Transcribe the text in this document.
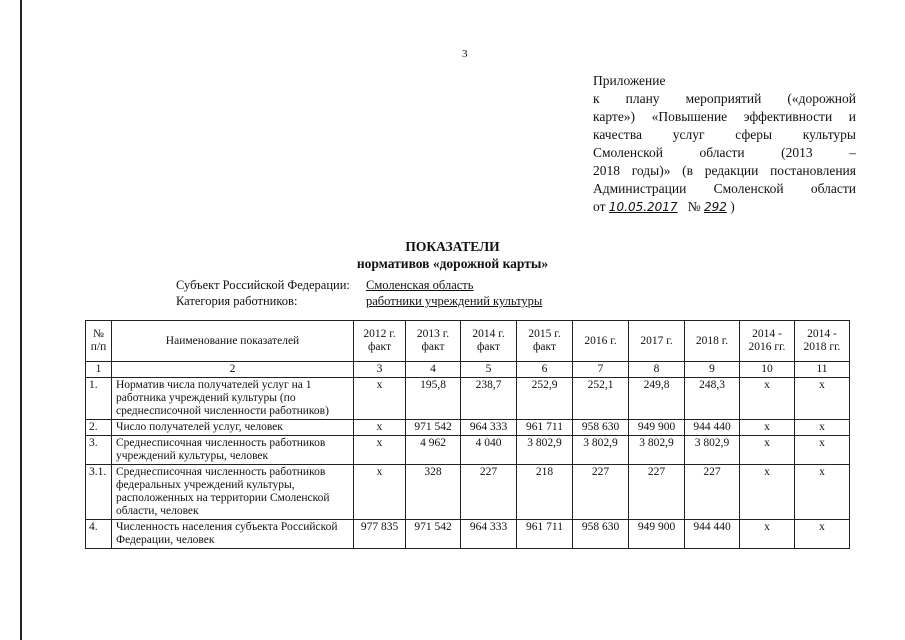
3
Приложение
к плану мероприятий («дорожной
карте») «Повышение эффективности и
качества услуг сферы культуры
Смоленской области (2013 –
2018 годы)» (в редакции постановления
Администрации Смоленской области
от 10.05.2017 № 292 )
ПОКАЗАТЕЛИ
нормативов «дорожной карты»
Субъект Российской Федерации: Смоленская область
Категория работников:	работники учреждений культуры
№ п/п	Наименование показателей	2012 г. факт	2013 г. факт	2014 г. факт	2015 г. факт	2016 г.	2017 г.	2018 г.	2014 - 2016 гг.	2014 - 2018 гг.
1	2	3	4	5	6	7	8	9	10	11
1.	Норматив числа получателей услуг на 1 работника учреждений культуры (по среднесписочной численности работников)	х	195,8	238,7	252,9	252,1	249,8	248,3	х	х
2.	Число получателей услуг, человек	х	971 542	964 333	961 711	958 630	949 900	944 440	х	х
3.	Среднесписочная численность работников учреждений культуры, человек	х	4 962	4 040	3 802,9	3 802,9	3 802,9	3 802,9	х	х
3.1.	Среднесписочная численность работников федеральных учреждений культуры, расположенных на территории Смоленской области, человек	х	328	227	218	227	227	227	х	х
4.	Численность населения субъекта Российской Федерации, человек	977 835	971 542	964 333	961 711	958 630	949 900	944 440	х	х
